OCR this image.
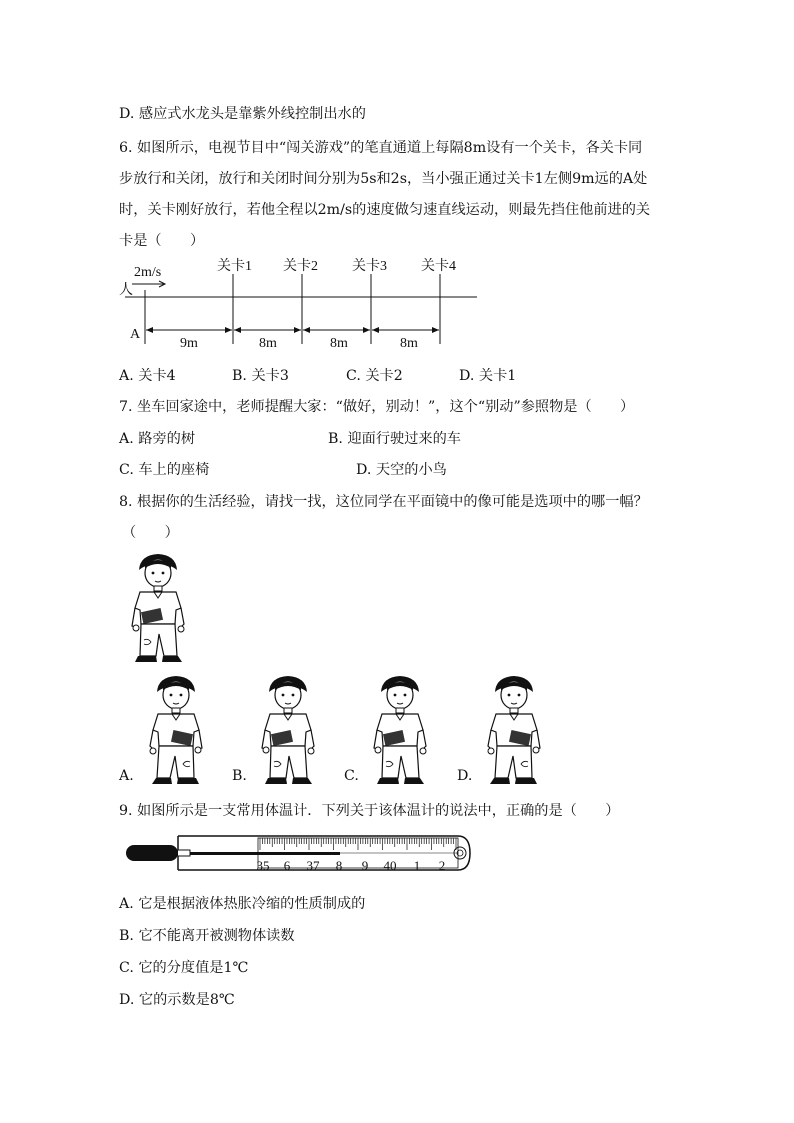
D. 感应式水龙头是靠紫外线控制出水的
6. 如图所示，电视节目中“闯关游戏”的笔直通道上每隔8m设有一个关卡，各关卡同
步放行和关闭，放行和关闭时间分别为5s和2s，当小强正通过关卡1左侧9m远的A处
时，关卡刚好放行，若他全程以2m/s的速度做匀速直线运动，则最先挡住他前进的关
卡是（　　）
2m/s
人
A
关卡1 关卡2 关卡3 关卡4
9m	8m	8m	8m
A. 关卡4	B. 关卡3	C. 关卡2	D. 关卡1
7. 坐车回家途中，老师提醒大家：“做好，别动！”，这个“别动”参照物是（　　）
A. 路旁的树	B. 迎面行驶过来的车
C. 车上的座椅	D. 天空的小鸟
8. 根据你的生活经验，请找一找，这位同学在平面镜中的像可能是选项中的哪一幅？
（　　）
A.	B.	C.	D.
9. 如图所示是一支常用体温计．下列关于该体温计的说法中，正确的是（　　）
35 6 37 8 9 40 1 2
A. 它是根据液体热胀冷缩的性质制成的
B. 它不能离开被测物体读数
C. 它的分度值是1℃
D. 它的示数是8℃
